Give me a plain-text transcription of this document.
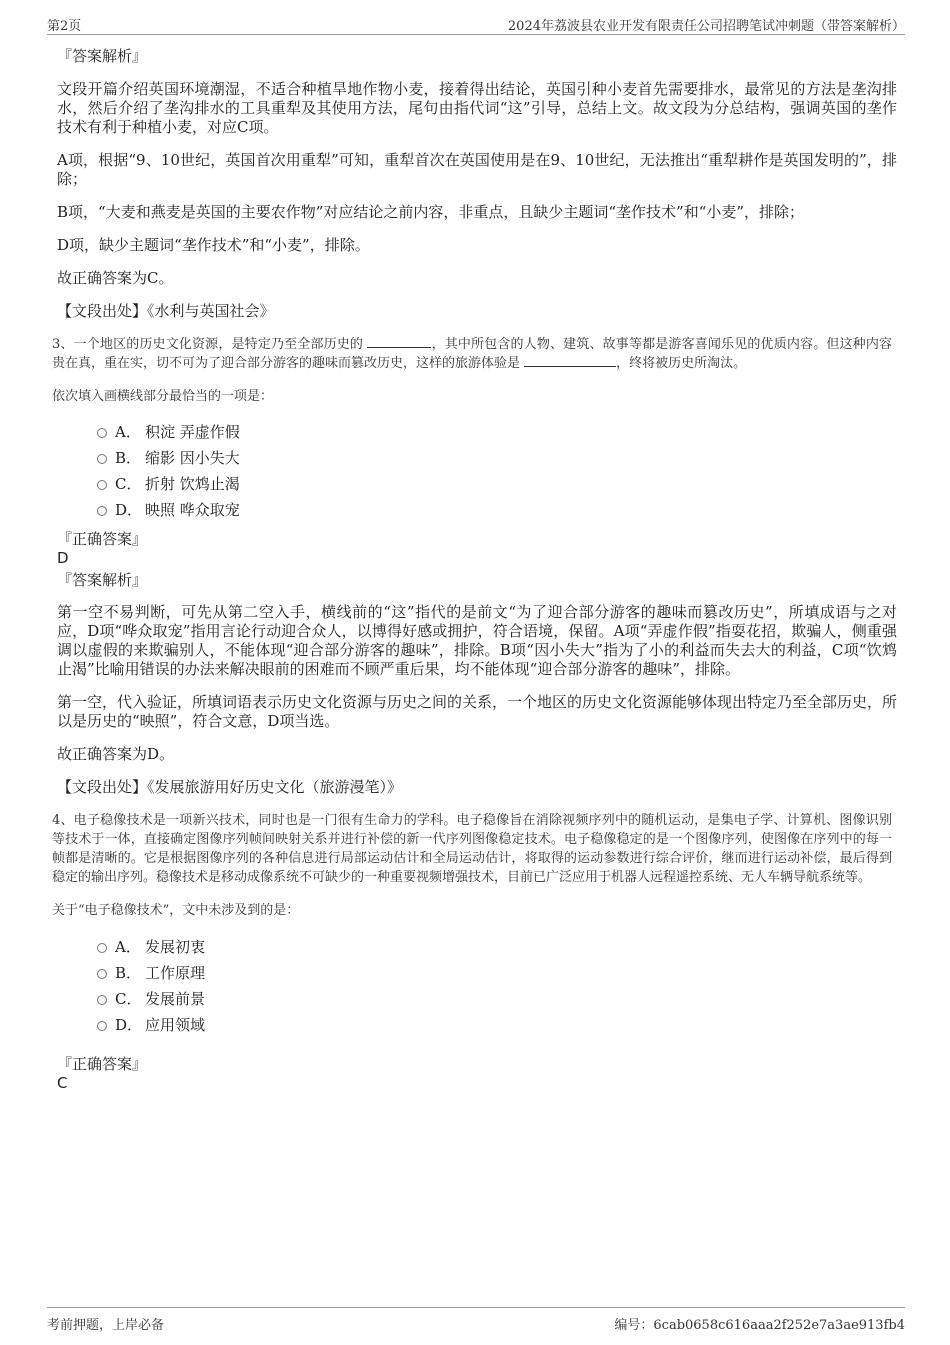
第2页	2024年荔波县农业开发有限责任公司招聘笔试冲刺题（带答案解析）

『答案解析』

文段开篇介绍英国环境潮湿，不适合种植旱地作物小麦，接着得出结论，英国引种小麦首先需要排水，最常见的方法是垄沟排水，然后介绍了垄沟排水的工具重犁及其使用方法，尾句由指代词“这”引导，总结上文。故文段为分总结构，强调英国的垄作技术有利于种植小麦，对应C项。

A项，根据“9、10世纪，英国首次用重犁”可知，重犁首次在英国使用是在9、10世纪，无法推出“重犁耕作是英国发明的”，排除；

B项，“大麦和燕麦是英国的主要农作物”对应结论之前内容，非重点，且缺少主题词“垄作技术”和“小麦”，排除；

D项，缺少主题词“垄作技术”和“小麦”，排除。

故正确答案为C。

【文段出处】《水利与英国社会》

3、一个地区的历史文化资源，是特定乃至全部历史的	，其中所包含的人物、建筑、故事等都是游客喜闻乐见的优质内容。但这种内容贵在真，重在实，切不可为了迎合部分游客的趣味而篡改历史，这样的旅游体验是	，终将被历史所淘汰。

依次填入画横线部分最恰当的一项是：

A． 积淀 弄虚作假
B． 缩影 因小失大
C． 折射 饮鸩止渴
D． 映照 哗众取宠

『正确答案』

D

『答案解析』

第一空不易判断，可先从第二空入手，横线前的“这”指代的是前文“为了迎合部分游客的趣味而篡改历史”，所填成语与之对应，D项“哗众取宠”指用言论行动迎合众人，以博得好感或拥护，符合语境，保留。A项“弄虚作假”指耍花招，欺骗人，侧重强调以虚假的来欺骗别人，不能体现“迎合部分游客的趣味”，排除。B项“因小失大”指为了小的利益而失去大的利益，C项“饮鸩止渴”比喻用错误的办法来解决眼前的困难而不顾严重后果，均不能体现“迎合部分游客的趣味”，排除。

第一空，代入验证，所填词语表示历史文化资源与历史之间的关系，一个地区的历史文化资源能够体现出特定乃至全部历史，所以是历史的“映照”，符合文意，D项当选。

故正确答案为D。

【文段出处】《发展旅游用好历史文化（旅游漫笔）》

4、电子稳像技术是一项新兴技术，同时也是一门很有生命力的学科。电子稳像旨在消除视频序列中的随机运动，是集电子学、计算机、图像识别等技术于一体，直接确定图像序列帧间映射关系并进行补偿的新一代序列图像稳定技术。电子稳像稳定的是一个图像序列，使图像在序列中的每一帧都是清晰的。它是根据图像序列的各种信息进行局部运动估计和全局运动估计，将取得的运动参数进行综合评价，继而进行运动补偿，最后得到稳定的输出序列。稳像技术是移动成像系统不可缺少的一种重要视频增强技术，目前已广泛应用于机器人远程遥控系统、无人车辆导航系统等。

关于“电子稳像技术”，文中未涉及到的是：

A． 发展初衷
B． 工作原理
C． 发展前景
D． 应用领域

『正确答案』

C

考前押题，上岸必备	编号：6cab0658c616aaa2f252e7a3ae913fb4
